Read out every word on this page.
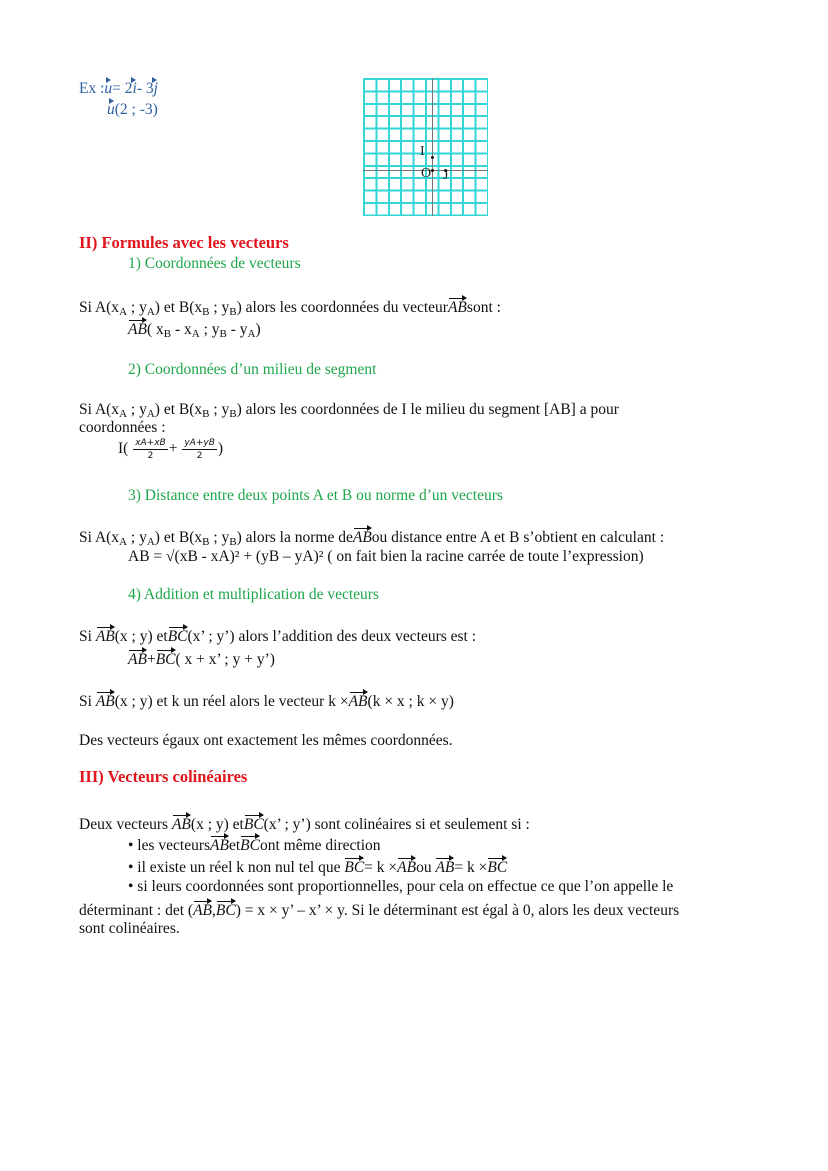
Ex :u= 2i- 3j
u(2 ; -3)
I
O J
II) Formules avec les vecteurs
1) Coordonnées de vecteurs
Si $A(x_A$ ; $y_A$) et $B(x_B$ ; $y_B$) alors les coordonnées du vecteurABsont :
AB( $x_B - x_A$ ; $y_B - y_A$)
2) Coordonnées d’un milieu de segment
Si $A(x_A$ ; $y_A$) et $B(x_B$ ; $y_B$) alors les coordonnées de I le milieu du segment [AB] a pour
coordonnées :
$I( \frac{xA+xB}{2} + \frac{yA+yB}{2}$ )
3) Distance entre deux points A et B ou norme d’un vecteurs
Si $A(x_A$ ; $y_A$) et $B(x_B$ ; $y_B$) alors la norme deABou distance entre A et B s’obtient en calculant :
AB = √(xB - xA)² + (yB – yA)² ( on fait bien la racine carrée de toute l’expression)
4) Addition et multiplication de vecteurs
Si AB(x ; y) etBC(x’ ; y’) alors l’addition des deux vecteurs est :
AB+BC( x + x’ ; y + y’)
Si AB(x ; y) et k un réel alors le vecteur k ×AB(k × x ; k × y)
Des vecteurs égaux ont exactement les mêmes coordonnées.
III) Vecteurs colinéaires
Deux vecteurs AB(x ; y) etBC(x’ ; y’) sont colinéaires si et seulement si :
• les vecteursABetBCont même direction
• il existe un réel k non nul tel que BC= k ×ABou AB= k ×BC
• si leurs coordonnées sont proportionnelles, pour cela on effectue ce que l’on appelle le
déterminant : det (AB,BC) = x × y’ – x’ × y. Si le déterminant est égal à 0, alors les deux vecteurs
sont colinéaires.
